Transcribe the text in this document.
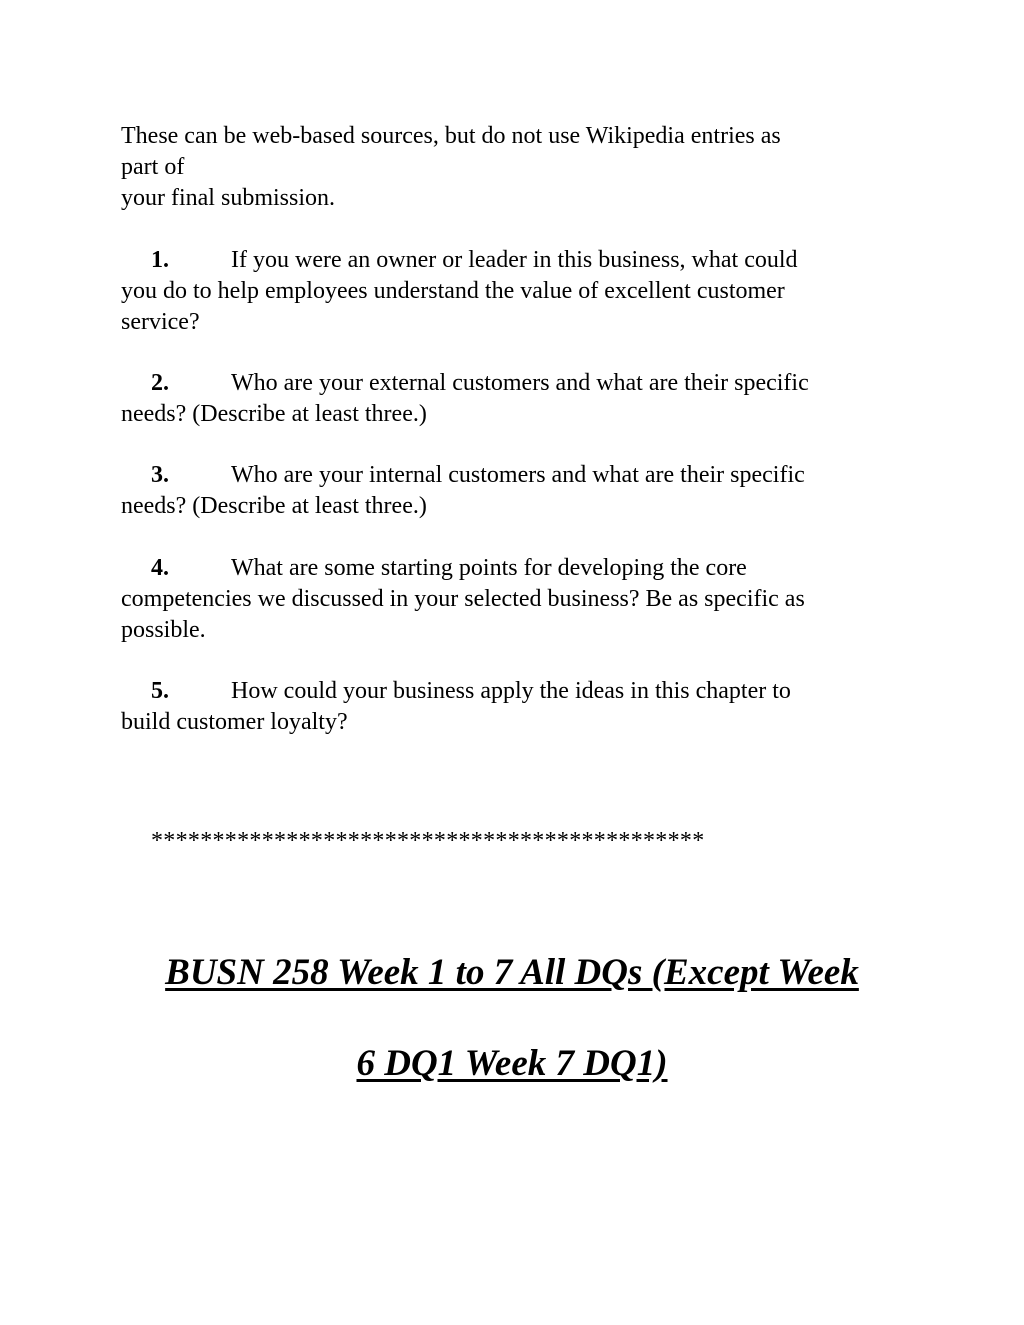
These can be web-based sources, but do not use Wikipedia entries as
part of
your final submission.
1.	If you were an owner or leader in this business, what could
you do to help employees understand the value of excellent customer
service?
2.	Who are your external customers and what are their specific
needs? (Describe at least three.)
3.	Who are your internal customers and what are their specific
needs? (Describe at least three.)
4.	What are some starting points for developing the core
competencies we discussed in your selected business? Be as specific as
possible.
5.	How could your business apply the ideas in this chapter to
build customer loyalty?
*********************************************
BUSN 258 Week 1 to 7 All DQs (Except Week
6 DQ1 Week 7 DQ1)
